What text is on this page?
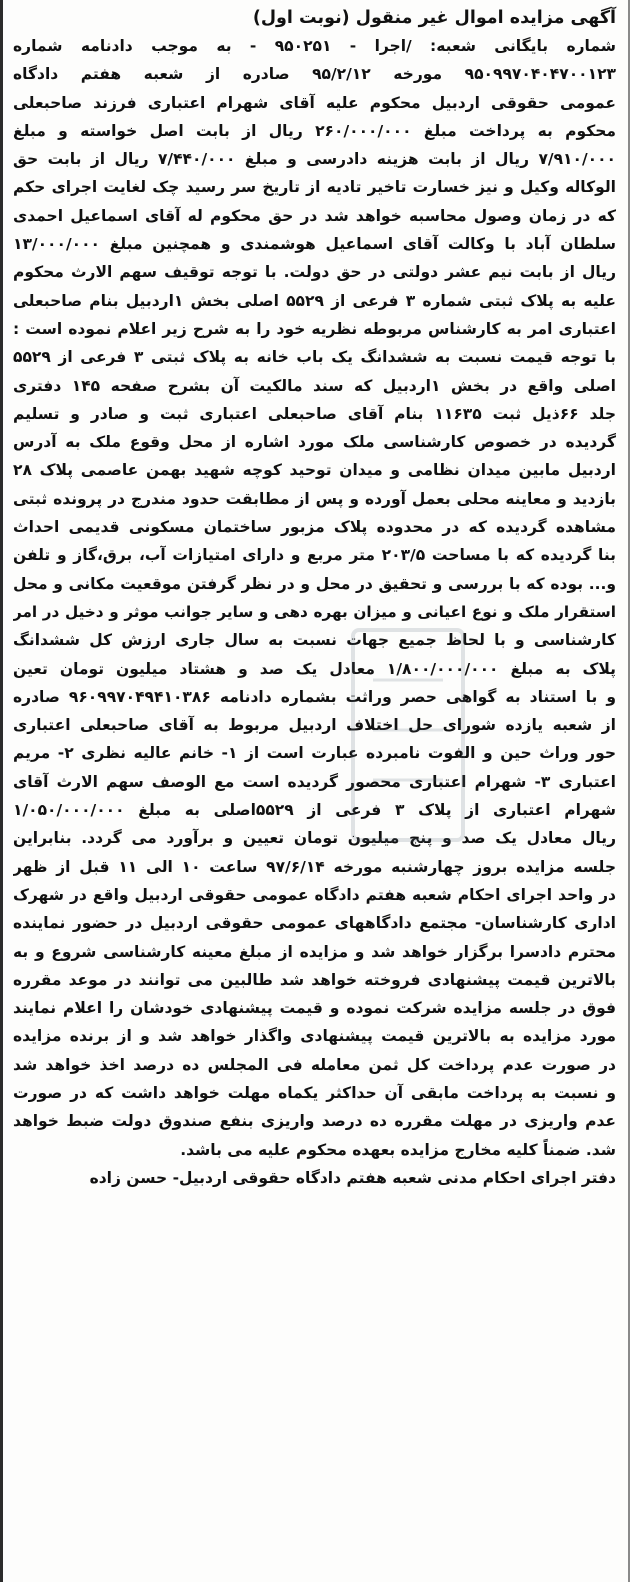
آگهی مزایده اموال غیر منقول (نوبت اول)
شماره بایگانی شعبه: /اجرا - ۹۵۰۲۵۱ - به موجب دادنامه شماره
۹۵۰۹۹۷۰۴۰۴۷۰۰۱۲۳ مورخه ۹۵/۲/۱۲ صادره از شعبه هفتم دادگاه
عمومی حقوقی اردبیل محکوم علیه آقای شهرام اعتباری فرزند صاحبعلی
محکوم به پرداخت مبلغ ۲۶۰/۰۰۰/۰۰۰ ریال از بابت اصل خواسته و مبلغ
۷/۹۱۰/۰۰۰ ریال از بابت هزینه دادرسی و مبلغ ۷/۴۴۰/۰۰۰ ریال از بابت حق
الوکاله وکیل و نیز خسارت تاخیر تادیه از تاریخ سر رسید چک لغایت اجرای حکم
که در زمان وصول محاسبه خواهد شد در حق محکوم له آقای اسماعیل احمدی
سلطان آباد با وکالت آقای اسماعیل هوشمندی و همچنین مبلغ ۱۳/۰۰۰/۰۰۰
ریال از بابت نیم عشر دولتی در حق دولت. با توجه توقیف سهم الارث محکوم
علیه به پلاک ثبتی شماره ۳ فرعی از ۵۵۲۹ اصلی بخش ۱اردبیل بنام صاحبعلی
اعتباری امر به کارشناس مربوطه نظریه خود را به شرح زیر اعلام نموده است :
با توجه قیمت نسبت به ششدانگ یک باب خانه به پلاک ثبتی ۳ فرعی از ۵۵۲۹
اصلی واقع در بخش ۱اردبیل که سند مالکیت آن بشرح صفحه ۱۴۵ دفتری
جلد ۶۶ذیل ثبت ۱۱۶۳۵ بنام آقای صاحبعلی اعتباری ثبت و صادر و تسلیم
گردیده در خصوص کارشناسی ملک مورد اشاره از محل وقوع ملک به آدرس
اردبیل مابین میدان نظامی و میدان توحید کوچه شهید بهمن عاصمی پلاک ۲۸
بازدید و معاینه محلی بعمل آورده و پس از مطابقت حدود مندرج در پرونده ثبتی
مشاهده گردیده که در محدوده پلاک مزبور ساختمان مسکونی قدیمی احداث
بنا گردیده که با مساحت ۲۰۳/۵ متر مربع و دارای امتیازات آب، برق،گاز و تلفن
و... بوده که با بررسی و تحقیق در محل و در نظر گرفتن موقعیت مکانی و محل
استقرار ملک و نوع اعیانی و میزان بهره دهی و سایر جوانب موثر و دخیل در امر
کارشناسی و با لحاظ جمیع جهات نسبت به سال جاری ارزش کل ششدانگ
پلاک به مبلغ ۱/۸۰۰/۰۰۰/۰۰۰ معادل یک صد و هشتاد میلیون تومان تعین
و با استناد به گواهی حصر وراثت بشماره دادنامه ۹۶۰۹۹۷۰۴۹۴۱۰۳۸۶ صادره
از شعبه یازده شورای حل اختلاف اردبیل مربوط به آقای صاحبعلی اعتباری
حور وراث حین و الفوت نامبرده عبارت است از ۱- خانم عالیه نظری ۲- مریم
اعتباری ۳- شهرام اعتباری محصور گردیده است مع الوصف سهم الارث آقای
شهرام اعتباری از پلاک ۳ فرعی از ۵۵۲۹اصلی به مبلغ ۱/۰۵۰/۰۰۰/۰۰۰
ریال معادل یک صد و پنج میلیون تومان تعیین و برآورد می گردد. بنابراین
جلسه مزایده بروز چهارشنبه مورخه ۹۷/۶/۱۴ ساعت ۱۰ الی ۱۱ قبل از ظهر
در واحد اجرای احکام شعبه هفتم دادگاه عمومی حقوقی اردبیل واقع در شهرک
اداری کارشناسان- مجتمع دادگاههای عمومی حقوقی اردبیل در حضور نماینده
محترم دادسرا برگزار خواهد شد و مزایده از مبلغ معینه کارشناسی شروع و به
بالاترین قیمت پیشنهادی فروخته خواهد شد طالبین می توانند در موعد مقرره
فوق در جلسه مزایده شرکت نموده و قیمت پیشنهادی خودشان را اعلام نمایند
مورد مزایده به بالاترین قیمت پیشنهادی واگذار خواهد شد و از برنده مزایده
در صورت عدم پرداخت کل ثمن معامله فی المجلس ده درصد اخذ خواهد شد
و نسبت به پرداخت مابقی آن حداکثر یکماه مهلت خواهد داشت که در صورت
عدم واریزی در مهلت مقرره ده درصد واریزی بنفع صندوق دولت ضبط خواهد
شد. ضمناً کلیه مخارج مزایده بعهده محکوم علیه می باشد.
دفتر اجرای احکام مدنی شعبه هفتم دادگاه حقوقی اردبیل- حسن زاده
